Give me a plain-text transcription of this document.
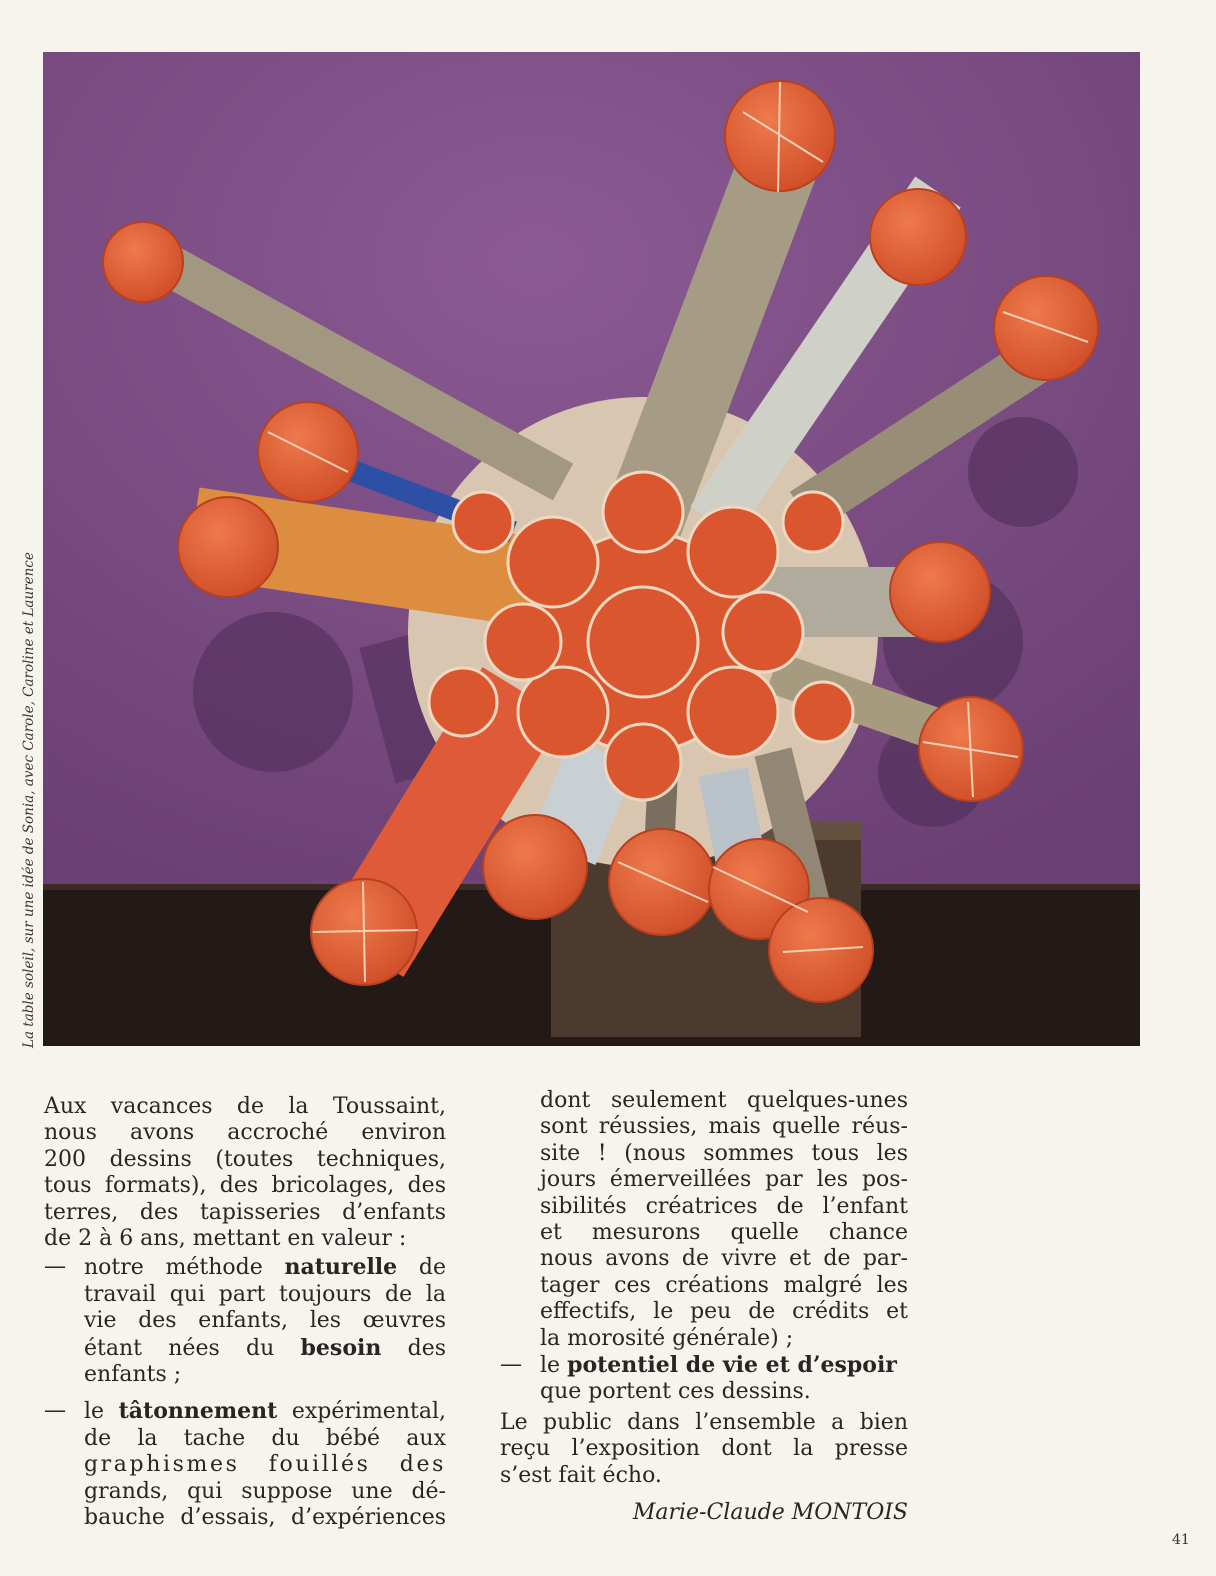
La table soleil, sur une idée de Sonia, avec Carole, Caroline et Laurence

Aux vacances de la Toussaint,

nous avons accroché environ

200 dessins (toutes techniques,

tous formats), des bricolages, des

terres, des tapisseries d’enfants

de 2 à 6 ans, mettant en valeur :

— notre méthode naturelle de travail qui part toujours de la vie des enfants, les œuvres étant nées du besoin des enfants ;
— le tâtonnement expérimental,

de la tache du bébé aux

graphismes fouillés des

grands, qui suppose une dé-

bauche d’essais, d’expériences

dont seulement quelques-unes

sont réussies, mais quelle réus-

site ! (nous sommes tous les

jours émerveillées par les pos-

sibilités créatrices de l’enfant

et mesurons quelle chance

nous avons de vivre et de par-

tager ces créations malgré les

effectifs, le peu de crédits et

la morosité générale) ;

— le potentiel de vie et d’espoir

que portent ces dessins.

Le public dans l’ensemble a bien

reçu l’exposition dont la presse

s’est fait écho.

Marie-Claude MONTOIS
41
